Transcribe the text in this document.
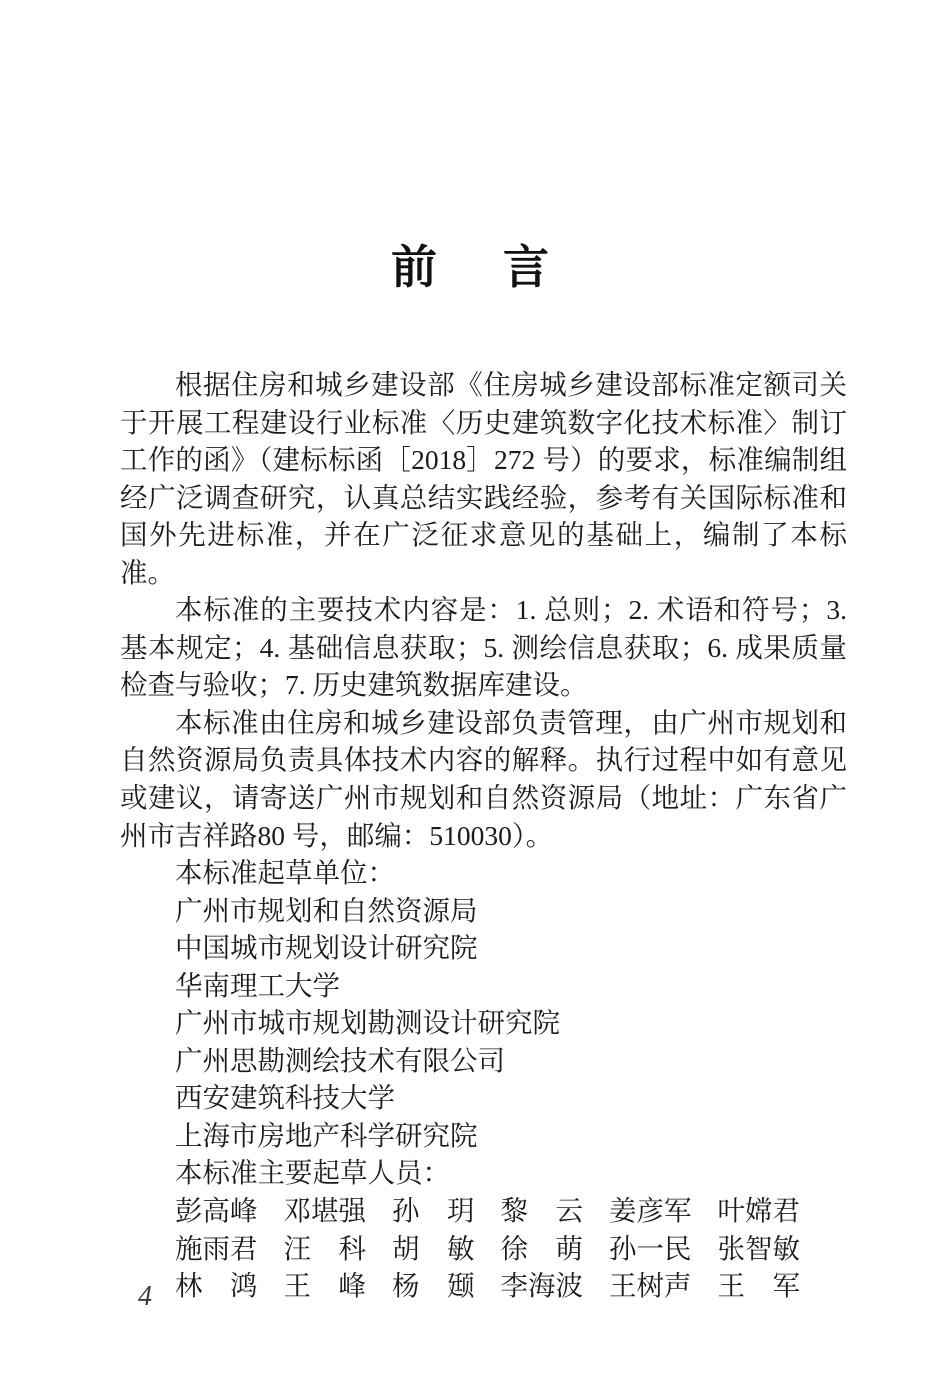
前　言

根据住房和城乡建设部《住房城乡建设部标准定额司关于开展工程建设行业标准〈历史建筑数字化技术标准〉制订工作的函》（建标标函［2018］272 号）的要求，标准编制组经广泛调查研究，认真总结实践经验，参考有关国际标准和国外先进标准，并在广泛征求意见的基础上，编制了本标准。

本标准的主要技术内容是：1. 总则；2. 术语和符号；3. 基本规定；4. 基础信息获取；5. 测绘信息获取；6. 成果质量检查与验收；7. 历史建筑数据库建设。

本标准由住房和城乡建设部负责管理，由广州市规划和自然资源局负责具体技术内容的解释。执行过程中如有意见或建议，请寄送广州市规划和自然资源局（地址：广东省广州市吉祥路80 号，邮编：510030）。

本标准起草单位：

广州市规划和自然资源局

中国城市规划设计研究院

华南理工大学

广州市城市规划勘测设计研究院

广州思勘测绘技术有限公司

西安建筑科技大学

上海市房地产科学研究院

本标准主要起草人员：

彭高峰 邓堪强 孙　玥 黎　云 姜彦军 叶嫦君
施雨君 汪　科 胡　敏 徐　萌 孙一民 张智敏
林　鸿 王　峰 杨　颋 李海波 王树声 王　军
4
